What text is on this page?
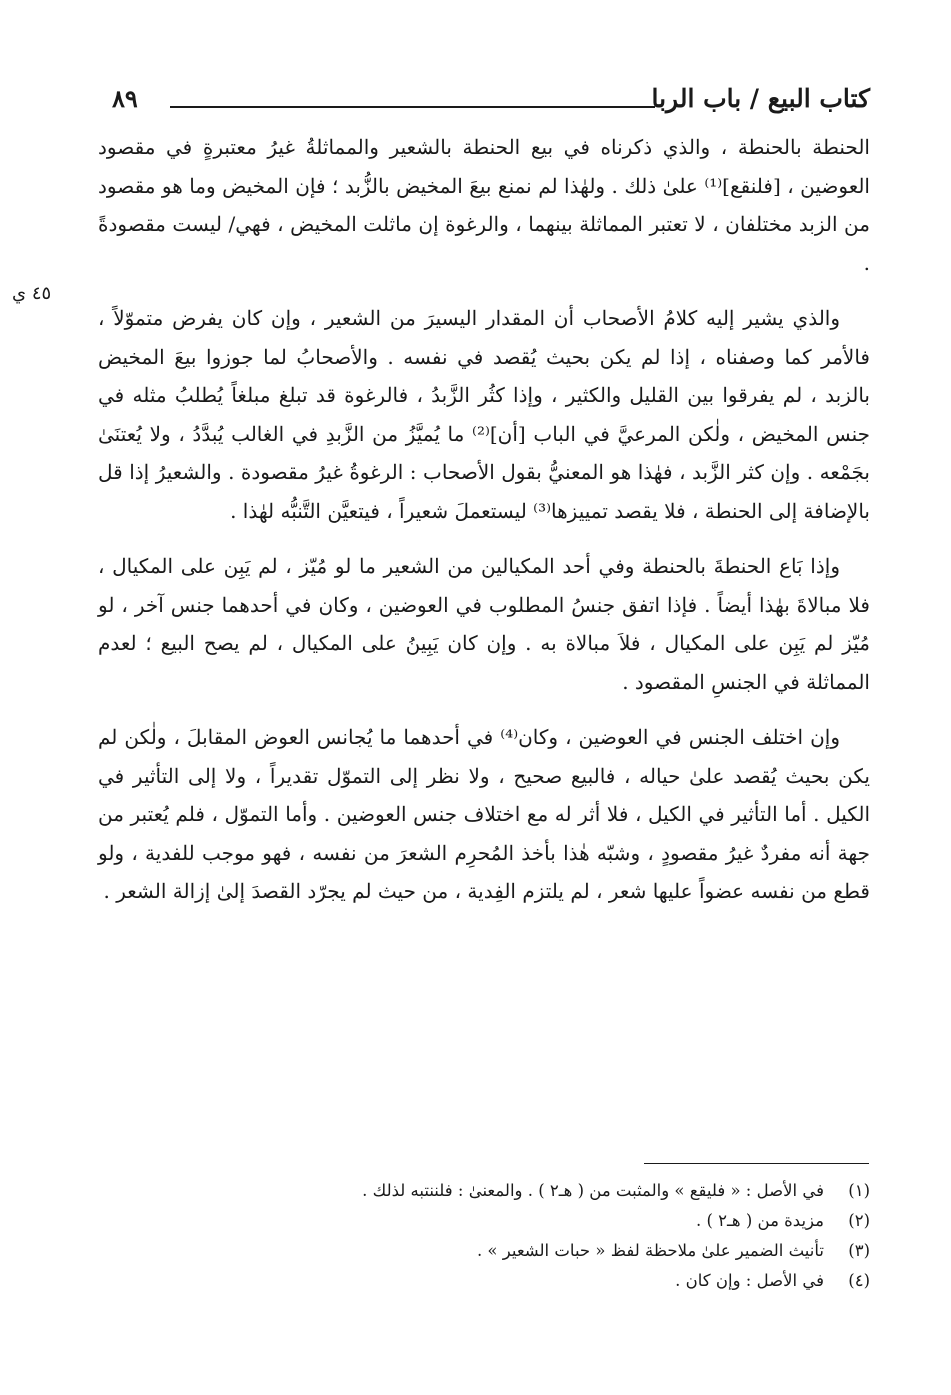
كتاب البيع / باب الربا
٨٩
٤٥ ي

الحنطة بالحنطة ، والذي ذكرناه في بيع الحنطة بالشعير والمماثلةُ غيرُ معتبرةٍ في مقصود العوضين ، [فلنقع]⁽¹⁾ علىٰ ذلك . ولهٰذا لم نمنع بيعَ المخيض بالزُّبد ؛ فإن المخيض وما هو مقصود من الزبد مختلفان ، لا تعتبر المماثلة بينهما ، والرغوة إن ماثلت المخيض ، فهي/ ليست مقصودةً .

والذي يشير إليه كلامُ الأصحاب أن المقدار اليسيرَ من الشعير ، وإن كان يفرض متموّلاً ، فالأمر كما وصفناه ، إذا لم يكن بحيث يُقصد في نفسه . والأصحابُ لما جوزوا بيعَ المخيض بالزبد ، لم يفرقوا بين القليل والكثير ، وإذا كثُر الزَّبدُ ، فالرغوة قد تبلغ مبلغاً يُطلبُ مثله في جنس المخيض ، ولٰكن المرعيَّ في الباب [أن]⁽²⁾ ما يُميَّزُ من الزَّبدِ في الغالب يُبدَّدُ ، ولا يُعتنَىٰ بجَمْعه . وإن كثر الزَّبد ، فهٰذا هو المعنيُّ بقول الأصحاب : الرغوةُ غيرُ مقصودة . والشعيرُ إذا قل بالإضافة إلى الحنطة ، فلا يقصد تمييزها⁽³⁾ ليستعملَ شعيراً ، فيتعيَّن التَّنبُّه لهٰذا .

وإذا بَاع الحنطةَ بالحنطة وفي أحد المكيالين من الشعير ما لو مُيّز ، لم يَبِن على المكيال ، فلا مبالاةَ بهٰذا أيضاً . فإذا اتفق جنسُ المطلوب في العوضين ، وكان في أحدهما جنس آخر ، لو مُيّز لم يَبِن على المكيال ، فلاَ مبالاة به . وإن كان يَبِينُ على المكيال ، لم يصح البيع ؛ لعدم المماثلة في الجنسِ المقصود .

وإن اختلف الجنس في العوضين ، وكان⁽⁴⁾ في أحدهما ما يُجانس العوض المقابلَ ، ولٰكن لم يكن بحيث يُقصد علىٰ حياله ، فالبيع صحيح ، ولا نظر إلى التموّل تقديراً ، ولا إلى التأثير في الكيل . أما التأثير في الكيل ، فلا أثر له مع اختلاف جنس العوضين . وأما التموّل ، فلم يُعتبر من جهة أنه مفردٌ غيرُ مقصودٍ ، وشبّه هٰذا بأخذ المُحرِم الشعرَ من نفسه ، فهو موجب للفدية ، ولو قطع من نفسه عضواً عليها شعر ، لم يلتزم الفِدية ، من حيث لم يجرّد القصدَ إلىٰ إزالة الشعر .

(١)في الأصل : « فليقع » والمثبت من ( هـ٢ ) . والمعنىٰ : فلننتبه لذلك .
(٢)مزيدة من ( هـ٢ ) .
(٣)تأنيث الضمير علىٰ ملاحظة لفظ « حبات الشعير » .
(٤)في الأصل : وإن كان .
